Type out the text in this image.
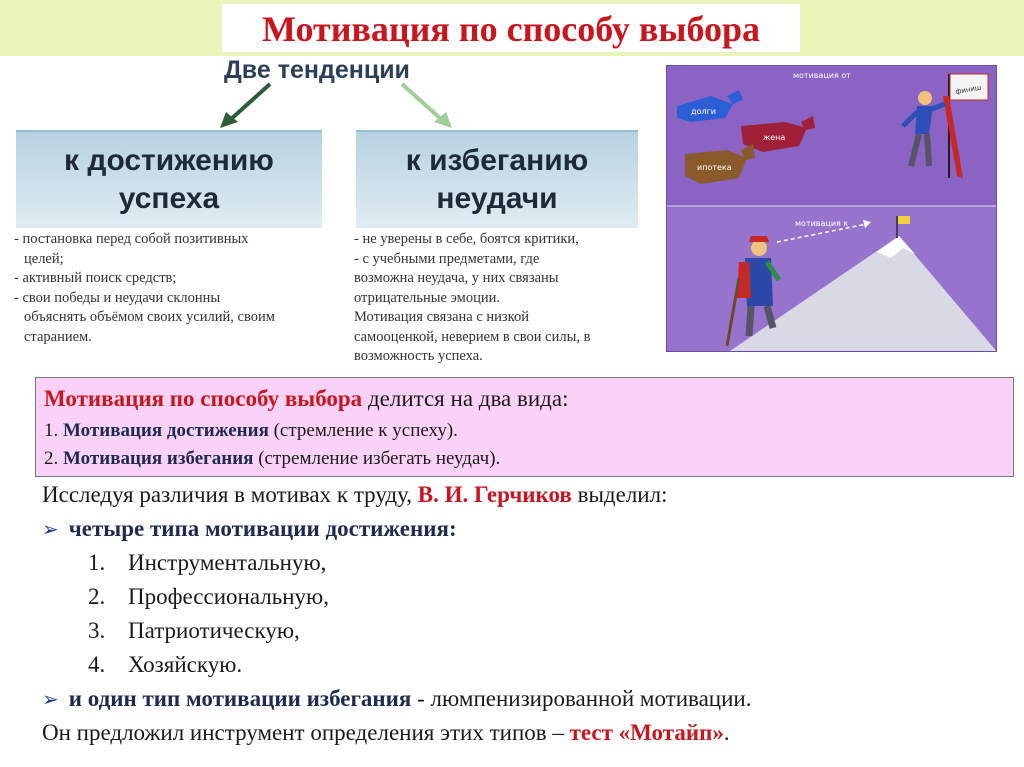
Мотивация по способу выбора
Две тенденции
к достижению
успеха
к избеганию
неудачи
- постановка перед собой позитивных
целей;
- активный поиск средств;
- свои победы и неудачи склонны
объяснять объёмом своих усилий, своим
старанием.
- не уверены в себе, боятся критики,
- с учебными предметами, где
возможна неудача, у них связаны
отрицательные эмоции.
Мотивация связана с низкой
самооценкой, неверием в свои силы, в
возможность успеха.
мотивация от
финиш
долги
жена
ипотека
мотивация к
Мотивация по способу выбора делится на два вида:
1. Мотивация достижения (стремление к успеху).
2. Мотивация избегания (стремление избегать неудач).
Исследуя различия в мотивах к труду, В. И. Герчиков выделил:
➢ четыре типа мотивации достижения:
1. Инструментальную,
2. Профессиональную,
3. Патриотическую,
4. Хозяйскую.
➢ и один тип мотивации избегания - люмпенизированной мотивации.
Он предложил инструмент определения этих типов – тест «Мотайп».
